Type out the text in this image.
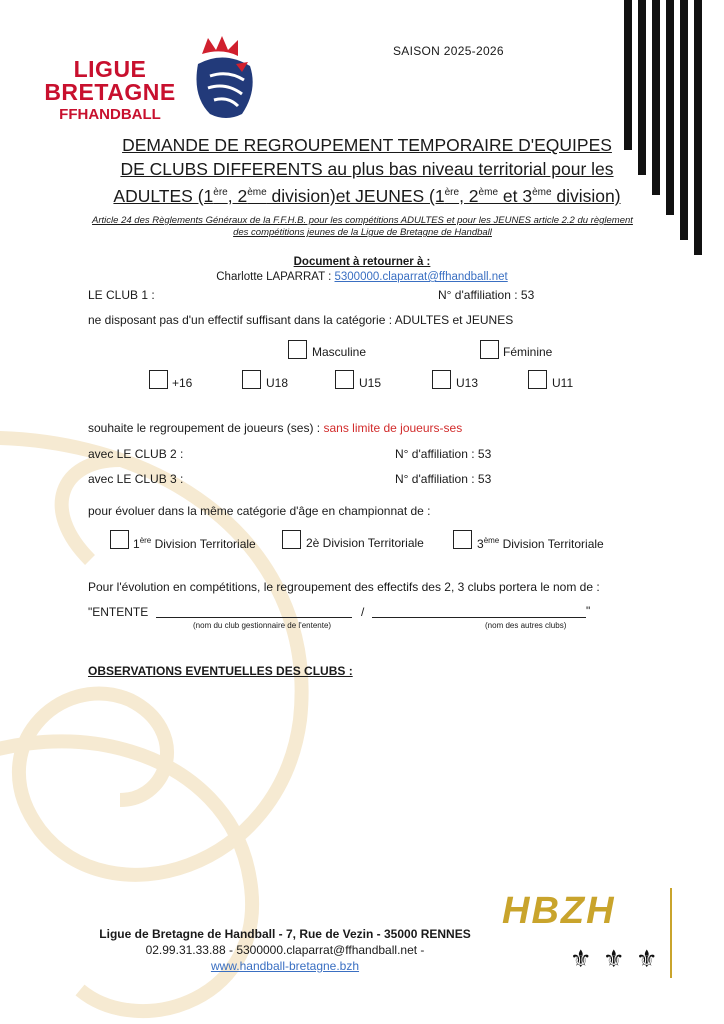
LIGUE
BRETAGNE
FFHANDBALL
SAISON 2025-2026
DEMANDE DE REGROUPEMENT TEMPORAIRE D'EQUIPES
DE CLUBS DIFFERENTS au plus bas niveau territorial pour les
ADULTES (1ère, 2ème division)et JEUNES (1ère, 2ème et 3ème division)
Article 24 des Règlements Généraux de la F.F.H.B. pour les compétitions ADULTES et pour les JEUNES article 2.2 du règlement des compétitions jeunes de la Ligue de Bretagne de Handball
Document à retourner à :
Charlotte LAPARRAT : 5300000.claparrat@ffhandball.net
LE CLUB 1 :	N° d'affiliation : 53
ne disposant pas d'un effectif suffisant dans la catégorie : ADULTES et JEUNES
Masculine	Féminine
+16	U18	U15	U13	U11
souhaite le regroupement de joueurs (ses) : sans limite de joueurs-ses
avec LE CLUB 2 :	N° d'affiliation : 53
avec LE CLUB 3 :	N° d'affiliation : 53
pour évoluer dans la même catégorie d'âge en championnat de :
1ère Division Territoriale	2è Division Territoriale	3ème Division Territoriale
Pour l'évolution en compétitions, le regroupement des effectifs des 2, 3 clubs portera le nom de :
"ENTENTE	/	"
(nom du club gestionnaire de l'entente)	(nom des autres clubs)
OBSERVATIONS EVENTUELLES DES CLUBS :
Ligue de Bretagne de Handball - 7, Rue de Vezin - 35000 RENNES
02.99.31.33.88 - 5300000.claparrat@ffhandball.net -
www.handball-bretagne.bzh
HBZH
⚜ ⚜ ⚜
